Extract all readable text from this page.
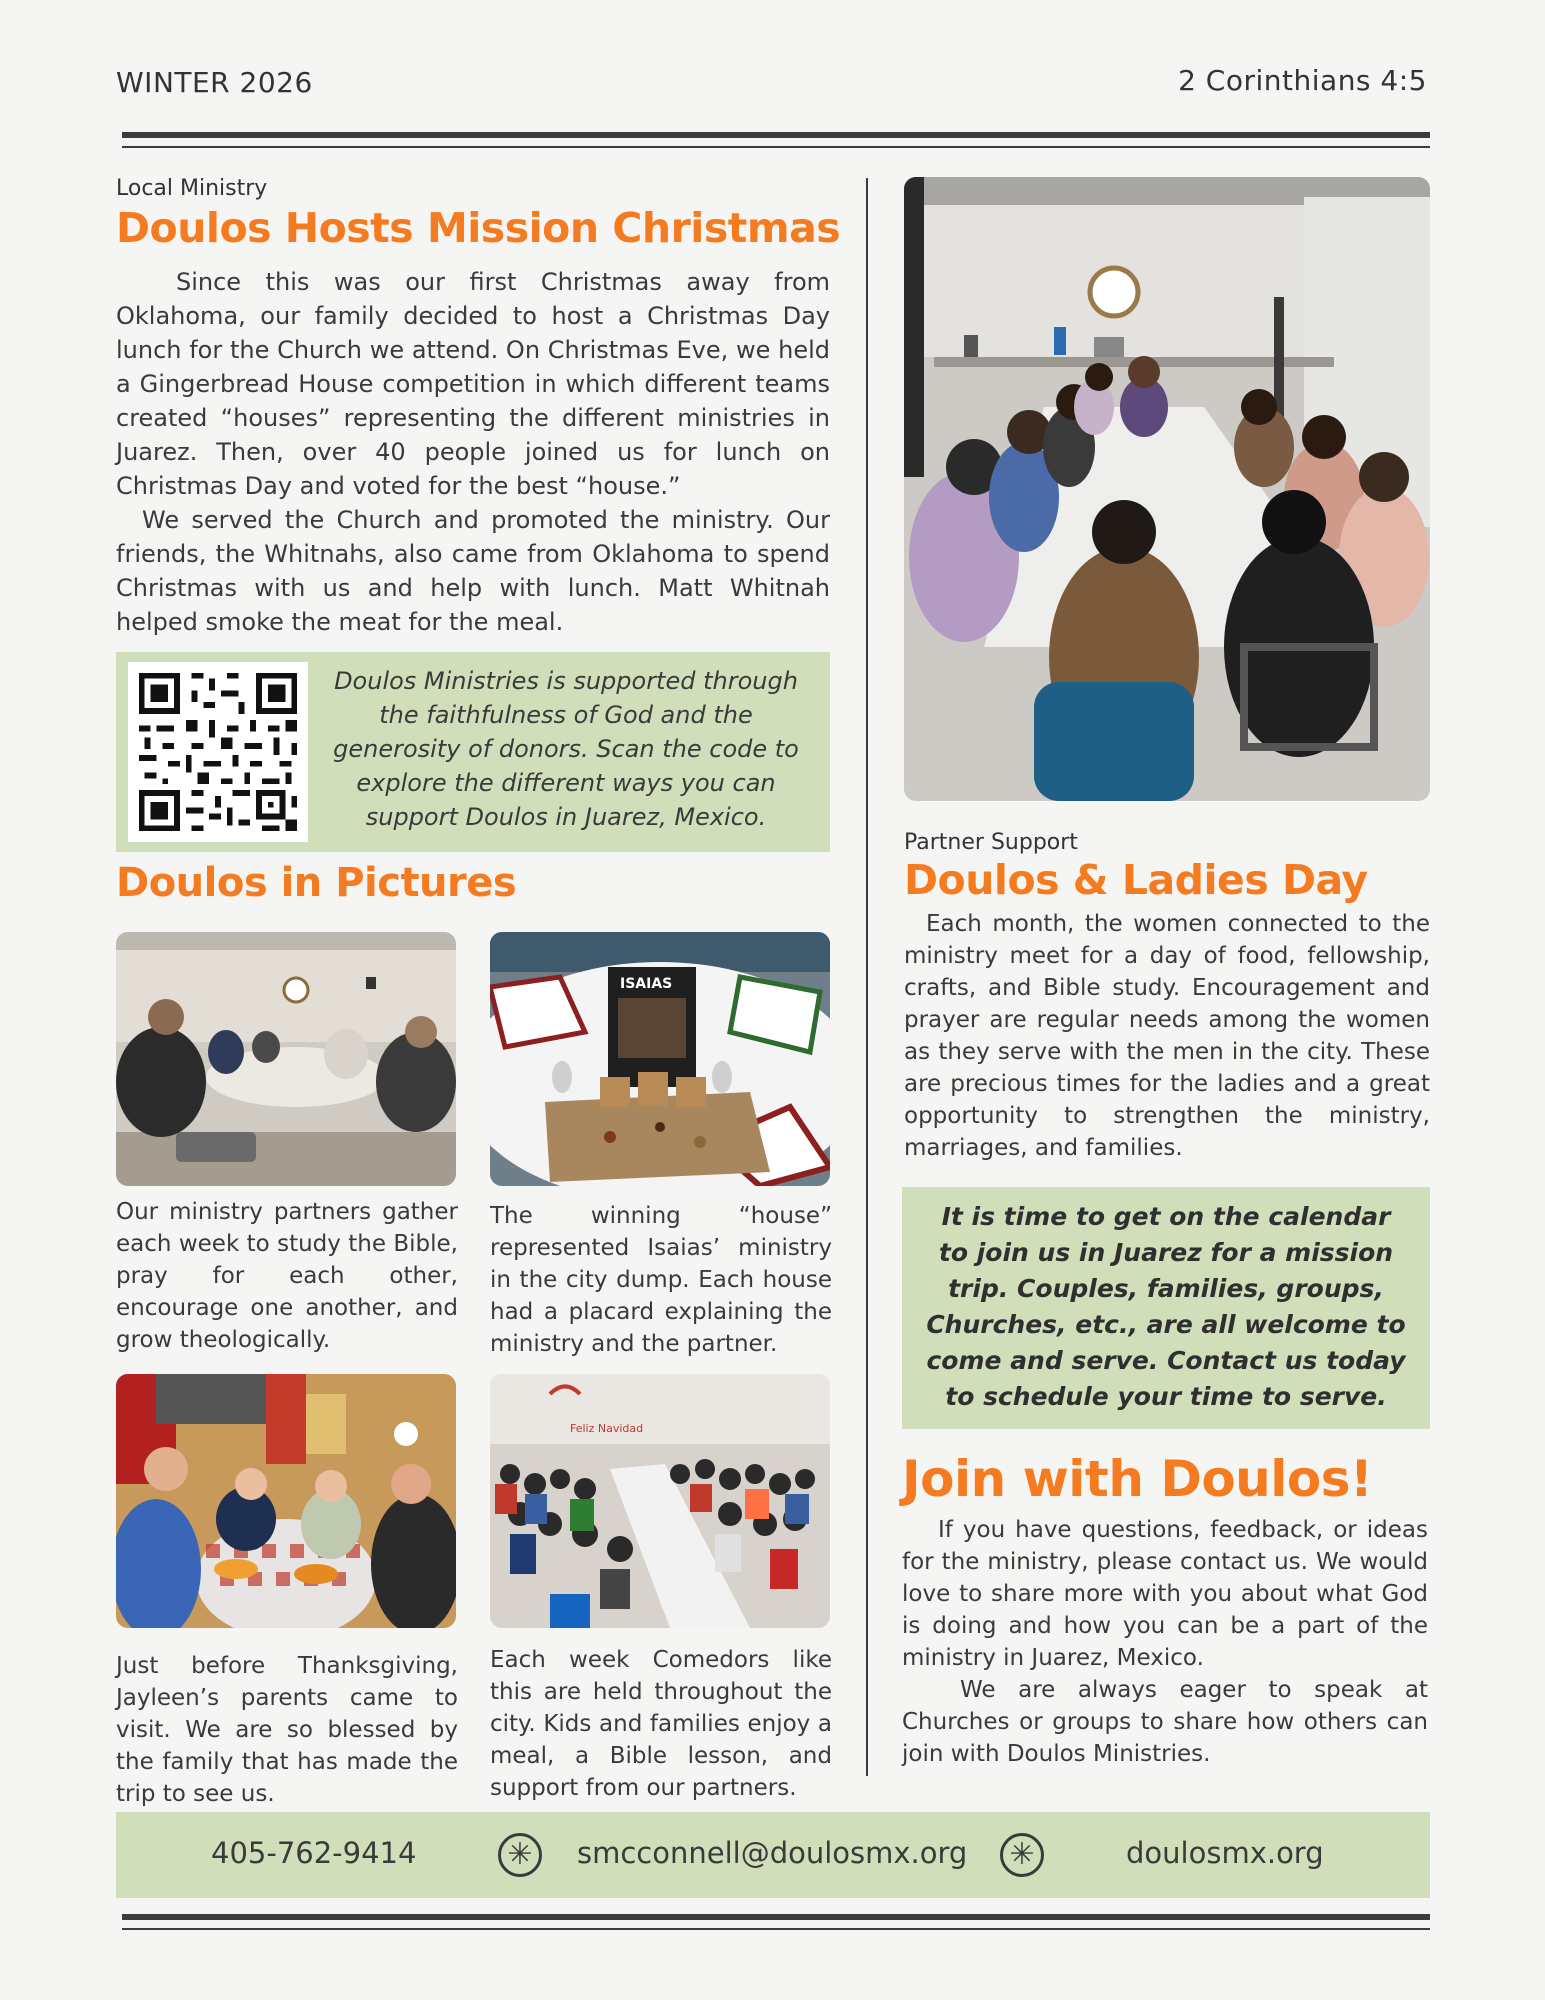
WINTER 2026	2 Corinthians 4:5
Local Ministry
Doulos Hosts Mission Christmas

Since this was our first Christmas away from Oklahoma, our family decided to host a Christmas Day lunch for the Church we attend. On Christmas Eve, we held a Gingerbread House competition in which different teams created “houses” representing the different ministries in Juarez. Then, over 40 people joined us for lunch on Christmas Day and voted for the best “house.”

We served the Church and promoted the ministry. Our friends, the Whitnahs, also came from Oklahoma to spend Christmas with us and help with lunch. Matt Whitnah helped smoke the meat for the meal.

Doulos Ministries is supported through the faithfulness of God and the generosity of donors. Scan the code to explore the different ways you can support Doulos in Juarez, Mexico.
Doulos in Pictures
ISAIAS
Our ministry partners gather each week to study the Bible, pray for each other, encourage one another, and grow theologically.
The winning “house” represented Isaias’ ministry in the city dump. Each house had a placard explaining the ministry and the partner.
Feliz Navidad
Just before Thanksgiving, Jayleen’s parents came to visit. We are so blessed by the family that has made the trip to see us.
Each week Comedors like this are held throughout the city. Kids and families enjoy a meal, a Bible lesson, and support from our partners.
Partner Support
Doulos & Ladies Day

Each month, the women connected to the ministry meet for a day of food, fellowship, crafts, and Bible study. Encouragement and prayer are regular needs among the women as they serve with the men in the city. These are precious times for the ladies and a great opportunity to strengthen the ministry, marriages, and families.

It is time to get on the calendar to join us in Juarez for a mission trip. Couples, families, groups, Churches, etc., are all welcome to come and serve. Contact us today to schedule your time to serve.
Join with Doulos!

If you have questions, feedback, or ideas for the ministry, please contact us. We would love to share more with you about what God is doing and how you can be a part of the ministry in Juarez, Mexico.

We are always eager to speak at Churches or groups to share how others can join with Doulos Ministries.

405-762-9414	✳	smcconnell@doulosmx.org	✳	doulosmx.org
